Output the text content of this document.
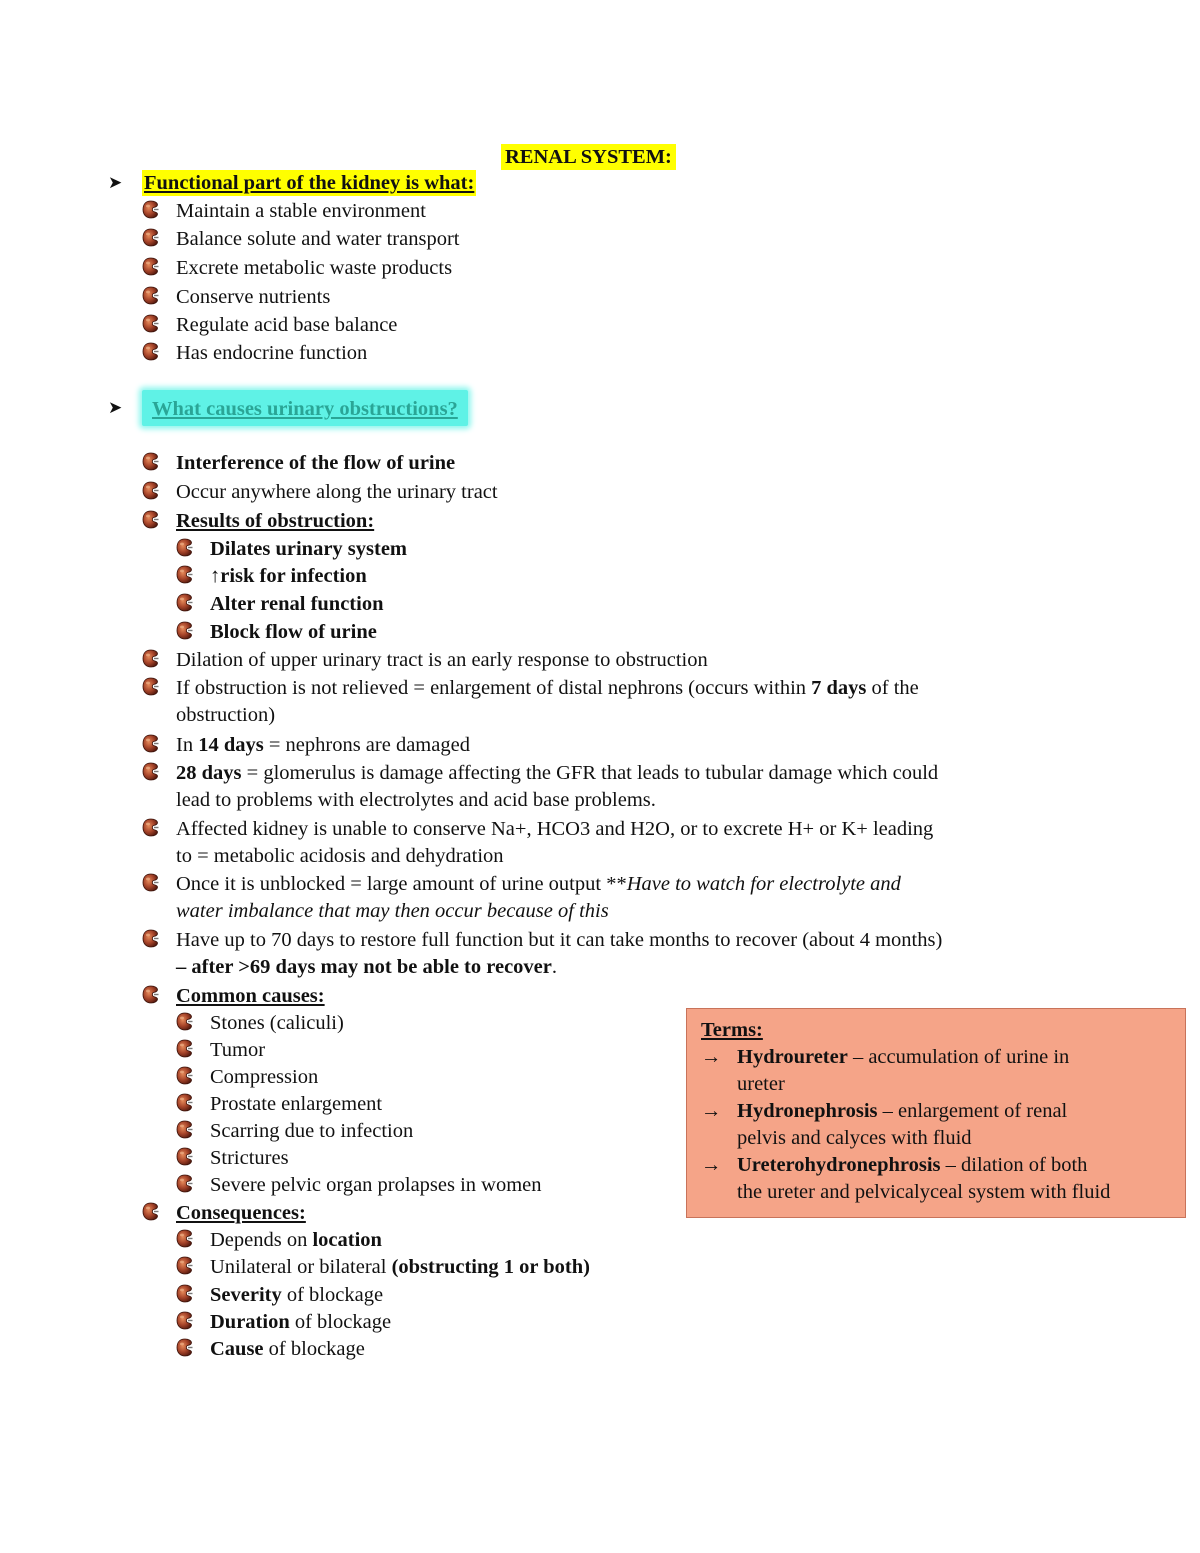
RENAL SYSTEM:
➤	Functional part of the kidney is what:
Maintain a stable environment
Balance solute and water transport
Excrete metabolic waste products
Conserve nutrients
Regulate acid base balance
Has endocrine function
➤	What causes urinary obstructions?
Interference of the flow of urine
Occur anywhere along the urinary tract
Results of obstruction:
Dilates urinary system
↑risk for infection
Alter renal function
Block flow of urine
Dilation of upper urinary tract is an early response to obstruction
If obstruction is not relieved = enlargement of distal nephrons (occurs within 7 days of the
obstruction)
In 14 days = nephrons are damaged
28 days = glomerulus is damage affecting the GFR that leads to tubular damage which could
lead to problems with electrolytes and acid base problems.
Affected kidney is unable to conserve Na+, HCO3 and H2O, or to excrete H+ or K+ leading
to = metabolic acidosis and dehydration
Once it is unblocked = large amount of urine output **Have to watch for electrolyte and
water imbalance that may then occur because of this
Have up to 70 days to restore full function but it can take months to recover (about 4 months)
– after >69 days may not be able to recover.
Common causes:
Stones (caliculi)
Tumor
Compression
Prostate enlargement
Scarring due to infection
Strictures
Severe pelvic organ prolapses in women
Consequences:
Depends on location
Unilateral or bilateral (obstructing 1 or both)
Severity of blockage
Duration of blockage
Cause of blockage
Terms:
→ Hydroureter – accumulation of urine in
ureter
→ Hydronephrosis – enlargement of renal
pelvis and calyces with fluid
→ Ureterohydronephrosis – dilation of both
the ureter and pelvicalyceal system with fluid
